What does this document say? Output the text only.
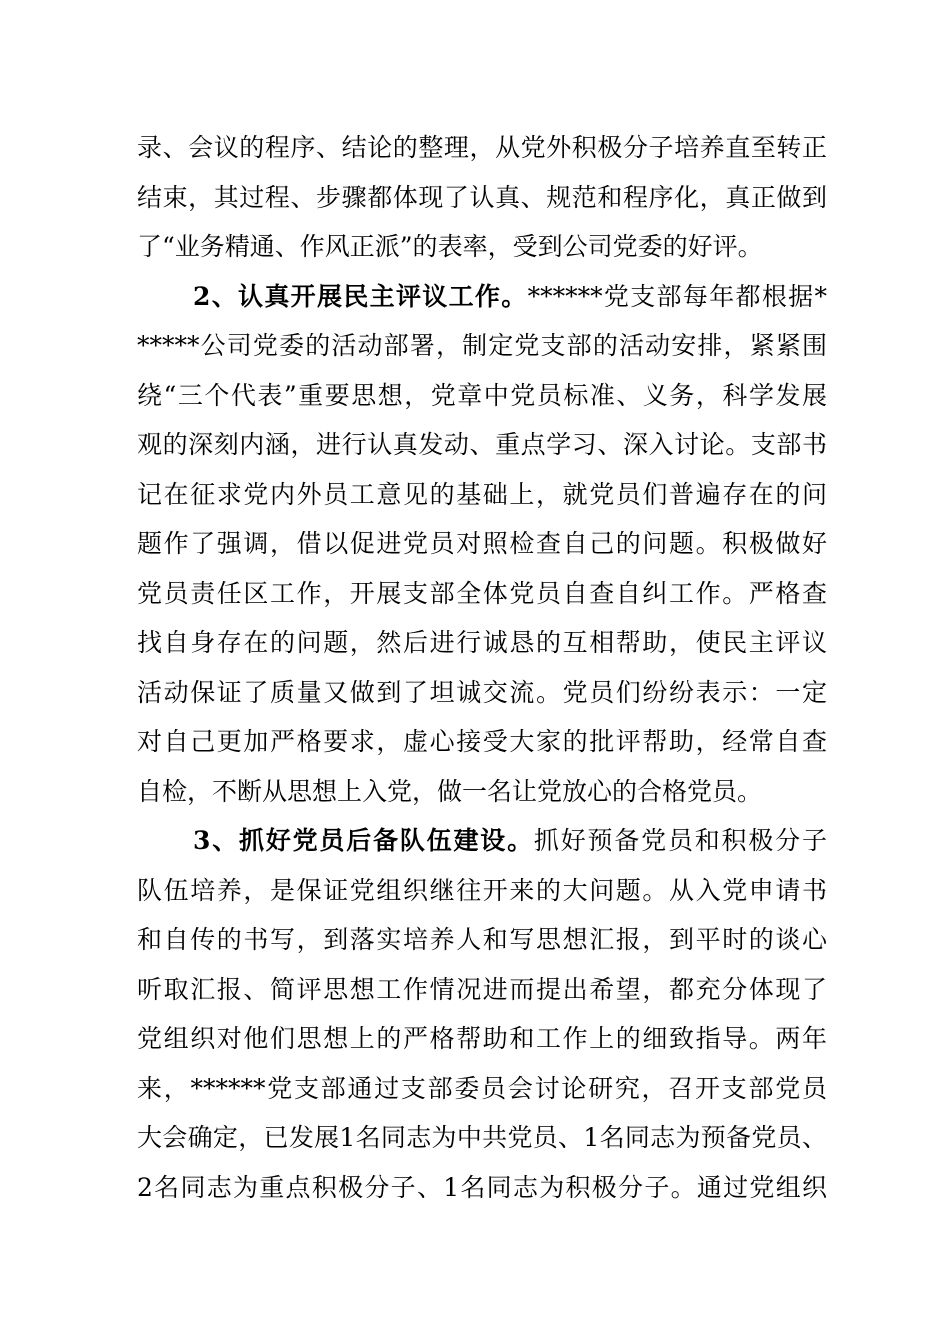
录、会议的程序、结论的整理，从党外积极分子培养直至转正
结束，其过程、步骤都体现了认真、规范和程序化，真正做到
了“业务精通、作风正派”的表率，受到公司党委的好评。
2、认真开展民主评议工作。******党支部每年都根据*
*****公司党委的活动部署，制定党支部的活动安排，紧紧围
绕“三个代表”重要思想，党章中党员标准、义务，科学发展
观的深刻内涵，进行认真发动、重点学习、深入讨论。支部书
记在征求党内外员工意见的基础上，就党员们普遍存在的问
题作了强调，借以促进党员对照检查自己的问题。积极做好
党员责任区工作，开展支部全体党员自查自纠工作。严格查
找自身存在的问题，然后进行诚恳的互相帮助，使民主评议
活动保证了质量又做到了坦诚交流。党员们纷纷表示：一定
对自己更加严格要求，虚心接受大家的批评帮助，经常自查
自检，不断从思想上入党，做一名让党放心的合格党员。
3、抓好党员后备队伍建设。抓好预备党员和积极分子
队伍培养，是保证党组织继往开来的大问题。从入党申请书
和自传的书写，到落实培养人和写思想汇报，到平时的谈心
听取汇报、简评思想工作情况进而提出希望，都充分体现了
党组织对他们思想上的严格帮助和工作上的细致指导。两年
来，******党支部通过支部委员会讨论研究，召开支部党员
大会确定，已发展1名同志为中共党员、1名同志为预备党员、
2名同志为重点积极分子、1名同志为积极分子。通过党组织
